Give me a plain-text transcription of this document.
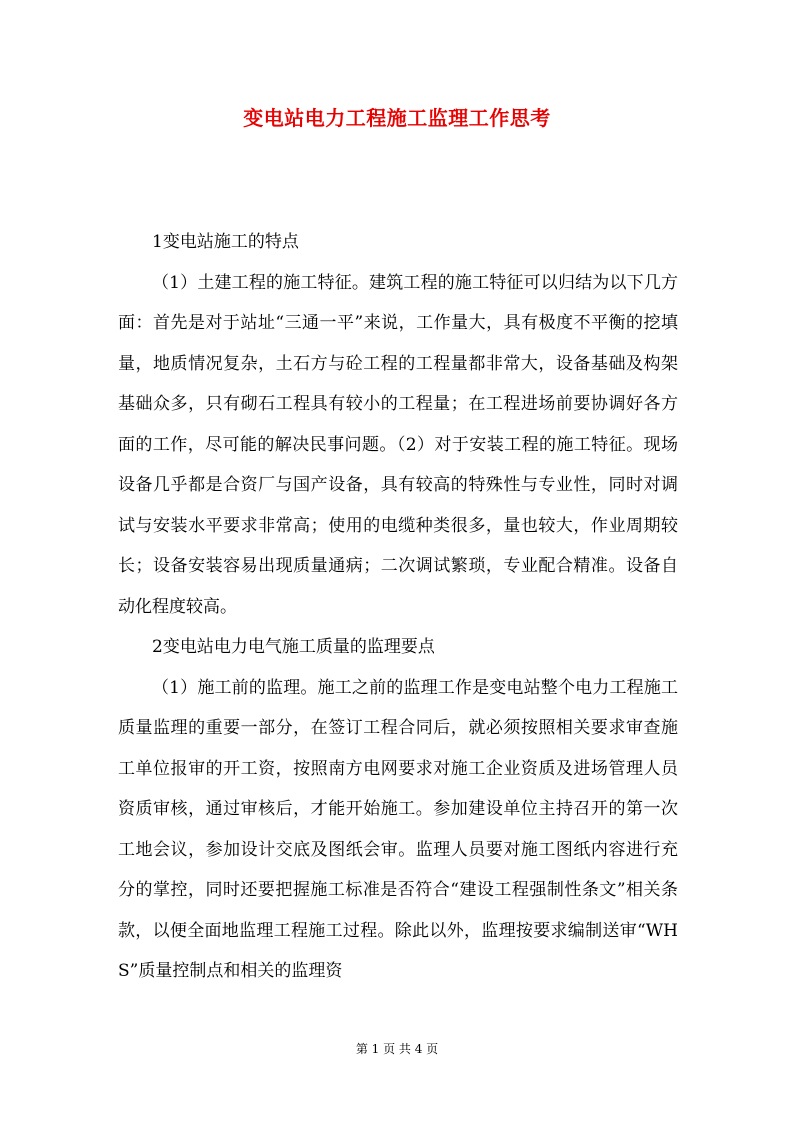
变电站电力工程施工监理工作思考

1变电站施工的特点

（1）土建工程的施工特征。建筑工程的施工特征可以归结为以下几方面：首先是对于站址“三通一平”来说，工作量大，具有极度不平衡的挖填量，地质情况复杂，土石方与砼工程的工程量都非常大，设备基础及构架基础众多，只有砌石工程具有较小的工程量；在工程进场前要协调好各方面的工作，尽可能的解决民事问题。（2）对于安装工程的施工特征。现场设备几乎都是合资厂与国产设备，具有较高的特殊性与专业性，同时对调试与安装水平要求非常高；使用的电缆种类很多，量也较大，作业周期较长；设备安装容易出现质量通病；二次调试繁琐，专业配合精准。设备自动化程度较高。

2变电站电力电气施工质量的监理要点

（1）施工前的监理。施工之前的监理工作是变电站整个电力工程施工质量监理的重要一部分，在签订工程合同后，就必须按照相关要求审查施工单位报审的开工资，按照南方电网要求对施工企业资质及进场管理人员资质审核，通过审核后，才能开始施工。参加建设单位主持召开的第一次工地会议，参加设计交底及图纸会审。监理人员要对施工图纸内容进行充分的掌控，同时还要把握施工标准是否符合“建设工程强制性条文”相关条款，以便全面地监理工程施工过程。除此以外，监理按要求编制送审“WHS”质量控制点和相关的监理资

第 1 页 共 4 页
